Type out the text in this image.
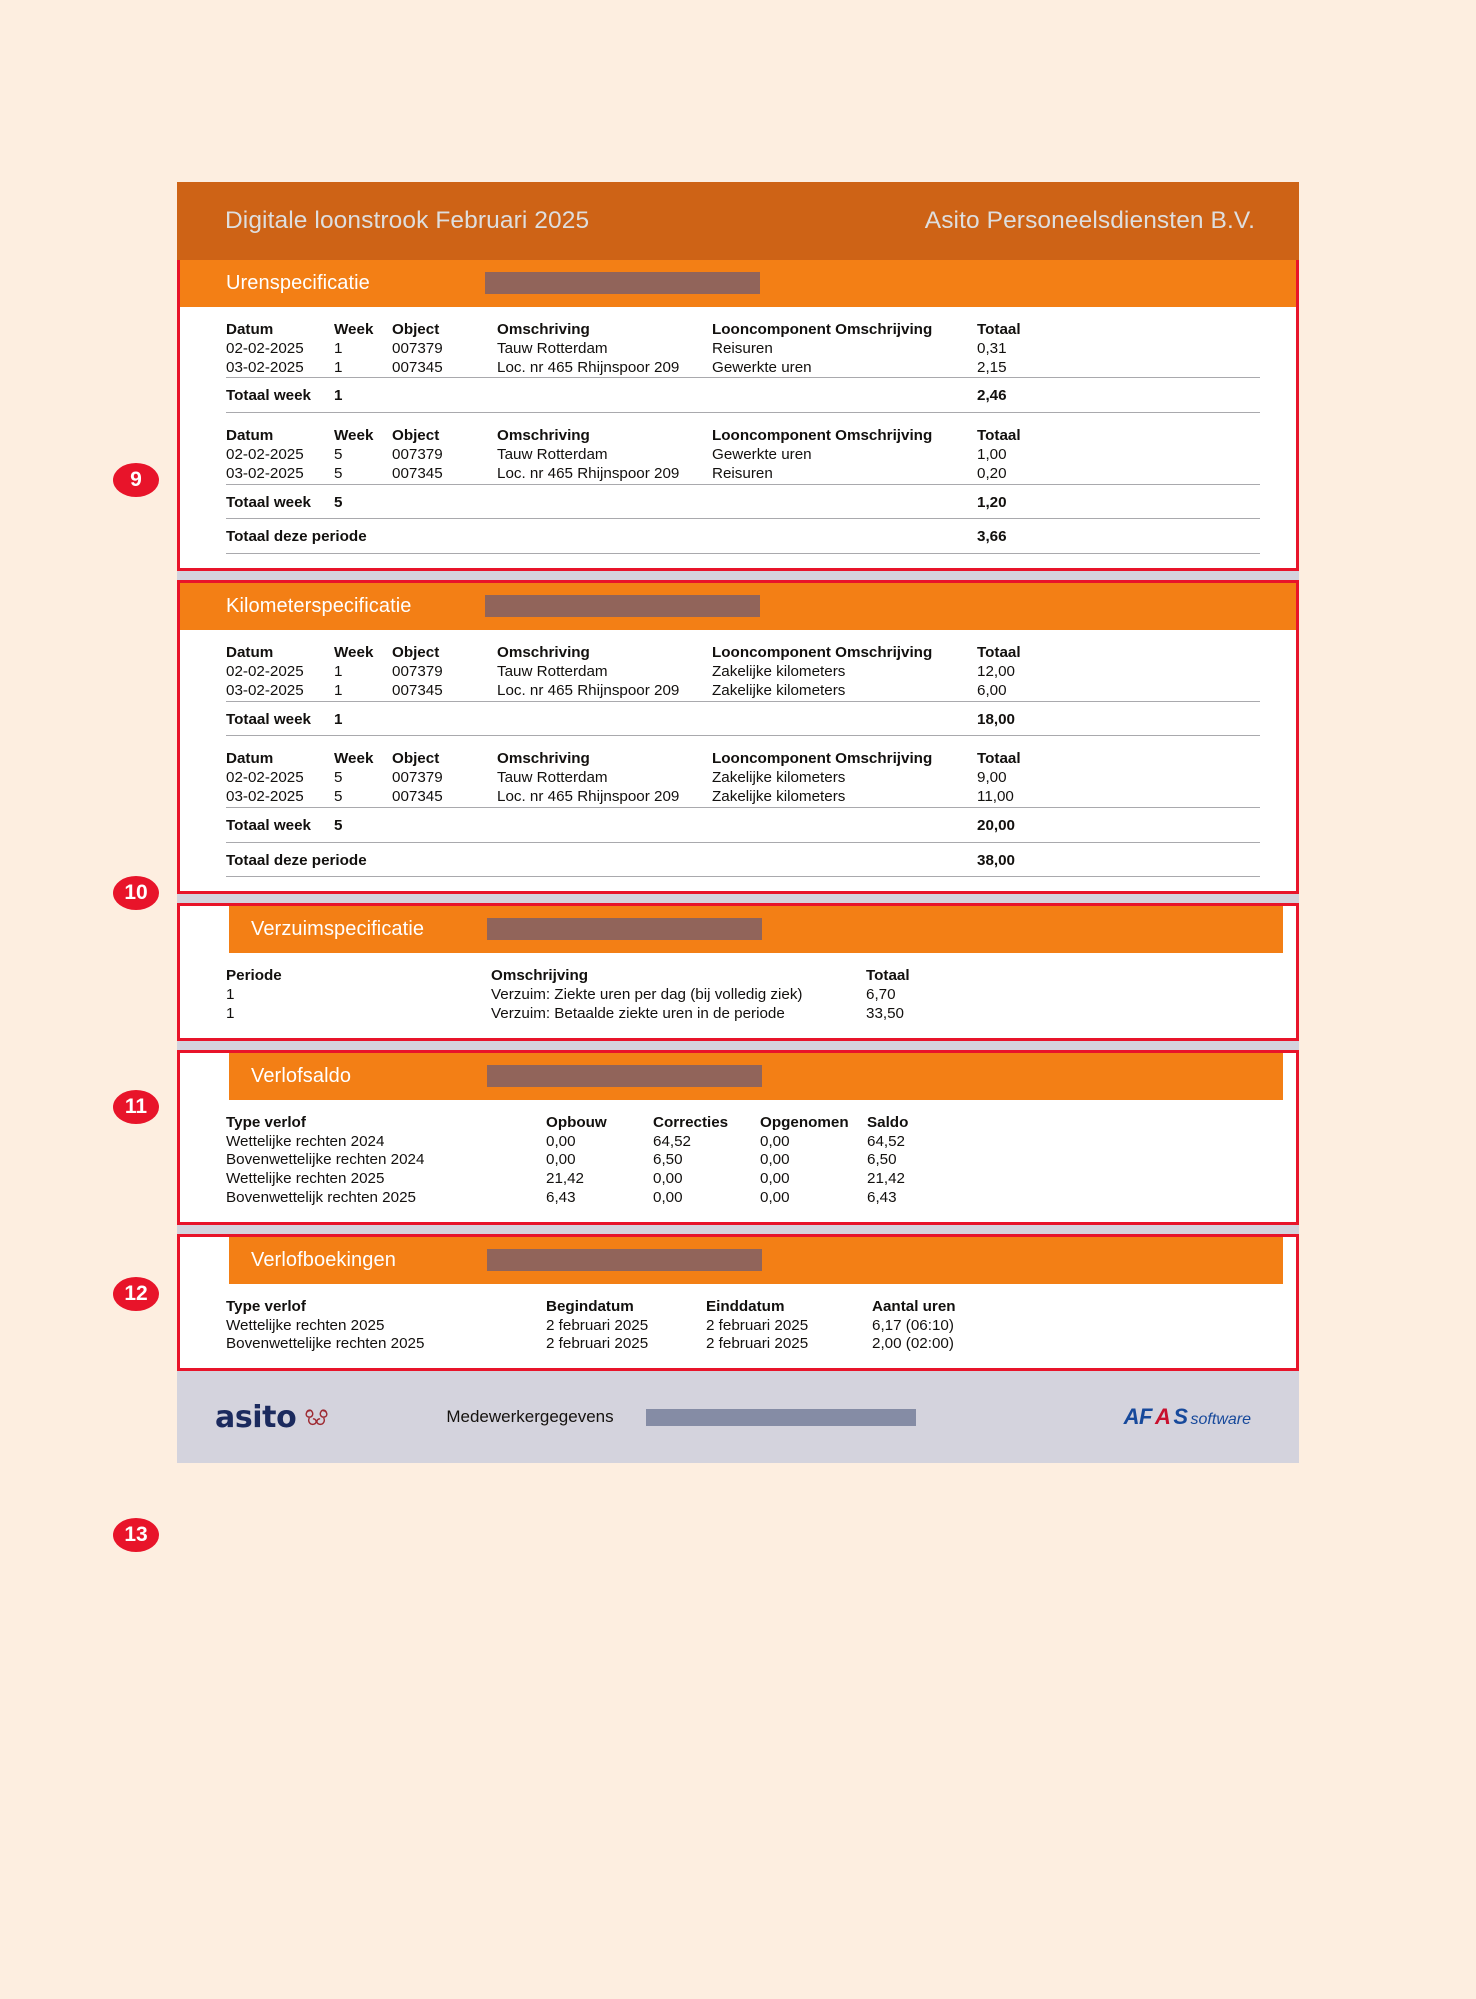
Digitale loonstrook Februari 2025	Asito Personeelsdiensten B.V.
Urenspecificatie

Datum	Week	Object	Omschriving	Looncomponent Omschrijving	Totaal
02-02-2025	1	007379	Tauw Rotterdam	Reisuren	0,31
03-02-2025	1	007345	Loc. nr 465 Rhijnspoor 209	Gewerkte uren	2,15
Totaal week	1				2,46

Datum	Week	Object	Omschriving	Looncomponent Omschrijving	Totaal
02-02-2025	5	007379	Tauw Rotterdam	Gewerkte uren	1,00
03-02-2025	5	007345	Loc. nr 465 Rhijnspoor 209	Reisuren	0,20
Totaal week	5				1,20
Totaal deze periode					3,66

Kilometerspecificatie

Datum	Week	Object	Omschriving	Looncomponent Omschrijving	Totaal
02-02-2025	1	007379	Tauw Rotterdam	Zakelijke kilometers	12,00
03-02-2025	1	007345	Loc. nr 465 Rhijnspoor 209	Zakelijke kilometers	6,00
Totaal week	1				18,00

Datum	Week	Object	Omschriving	Looncomponent Omschrijving	Totaal
02-02-2025	5	007379	Tauw Rotterdam	Zakelijke kilometers	9,00
03-02-2025	5	007345	Loc. nr 465 Rhijnspoor 209	Zakelijke kilometers	11,00
Totaal week	5				20,00
Totaal deze periode					38,00

Verzuimspecificatie

Periode	Omschrijving	Totaal
1	Verzuim: Ziekte uren per dag (bij volledig ziek)	6,70
1	Verzuim: Betaalde ziekte uren in de periode	33,50

Verlofsaldo

Type verlof	Opbouw	Correcties	Opgenomen	Saldo
Wettelijke rechten 2024	0,00	64,52	0,00	64,52
Bovenwettelijke rechten 2024	0,00	6,50	0,00	6,50
Wettelijke rechten 2025	21,42	0,00	0,00	21,42
Bovenwettelijk rechten 2025	6,43	0,00	0,00	6,43

Verlofboekingen

Type verlof	Begindatum	Einddatum	Aantal uren
Wettelijke rechten 2025	2 februari 2025	2 februari 2025	6,17 (06:10)
Bovenwettelijke rechten 2025	2 februari 2025	2 februari 2025	2,00 (02:00)

asito	Medewerkergegevens	AF A S software
9
10
11
12
13
